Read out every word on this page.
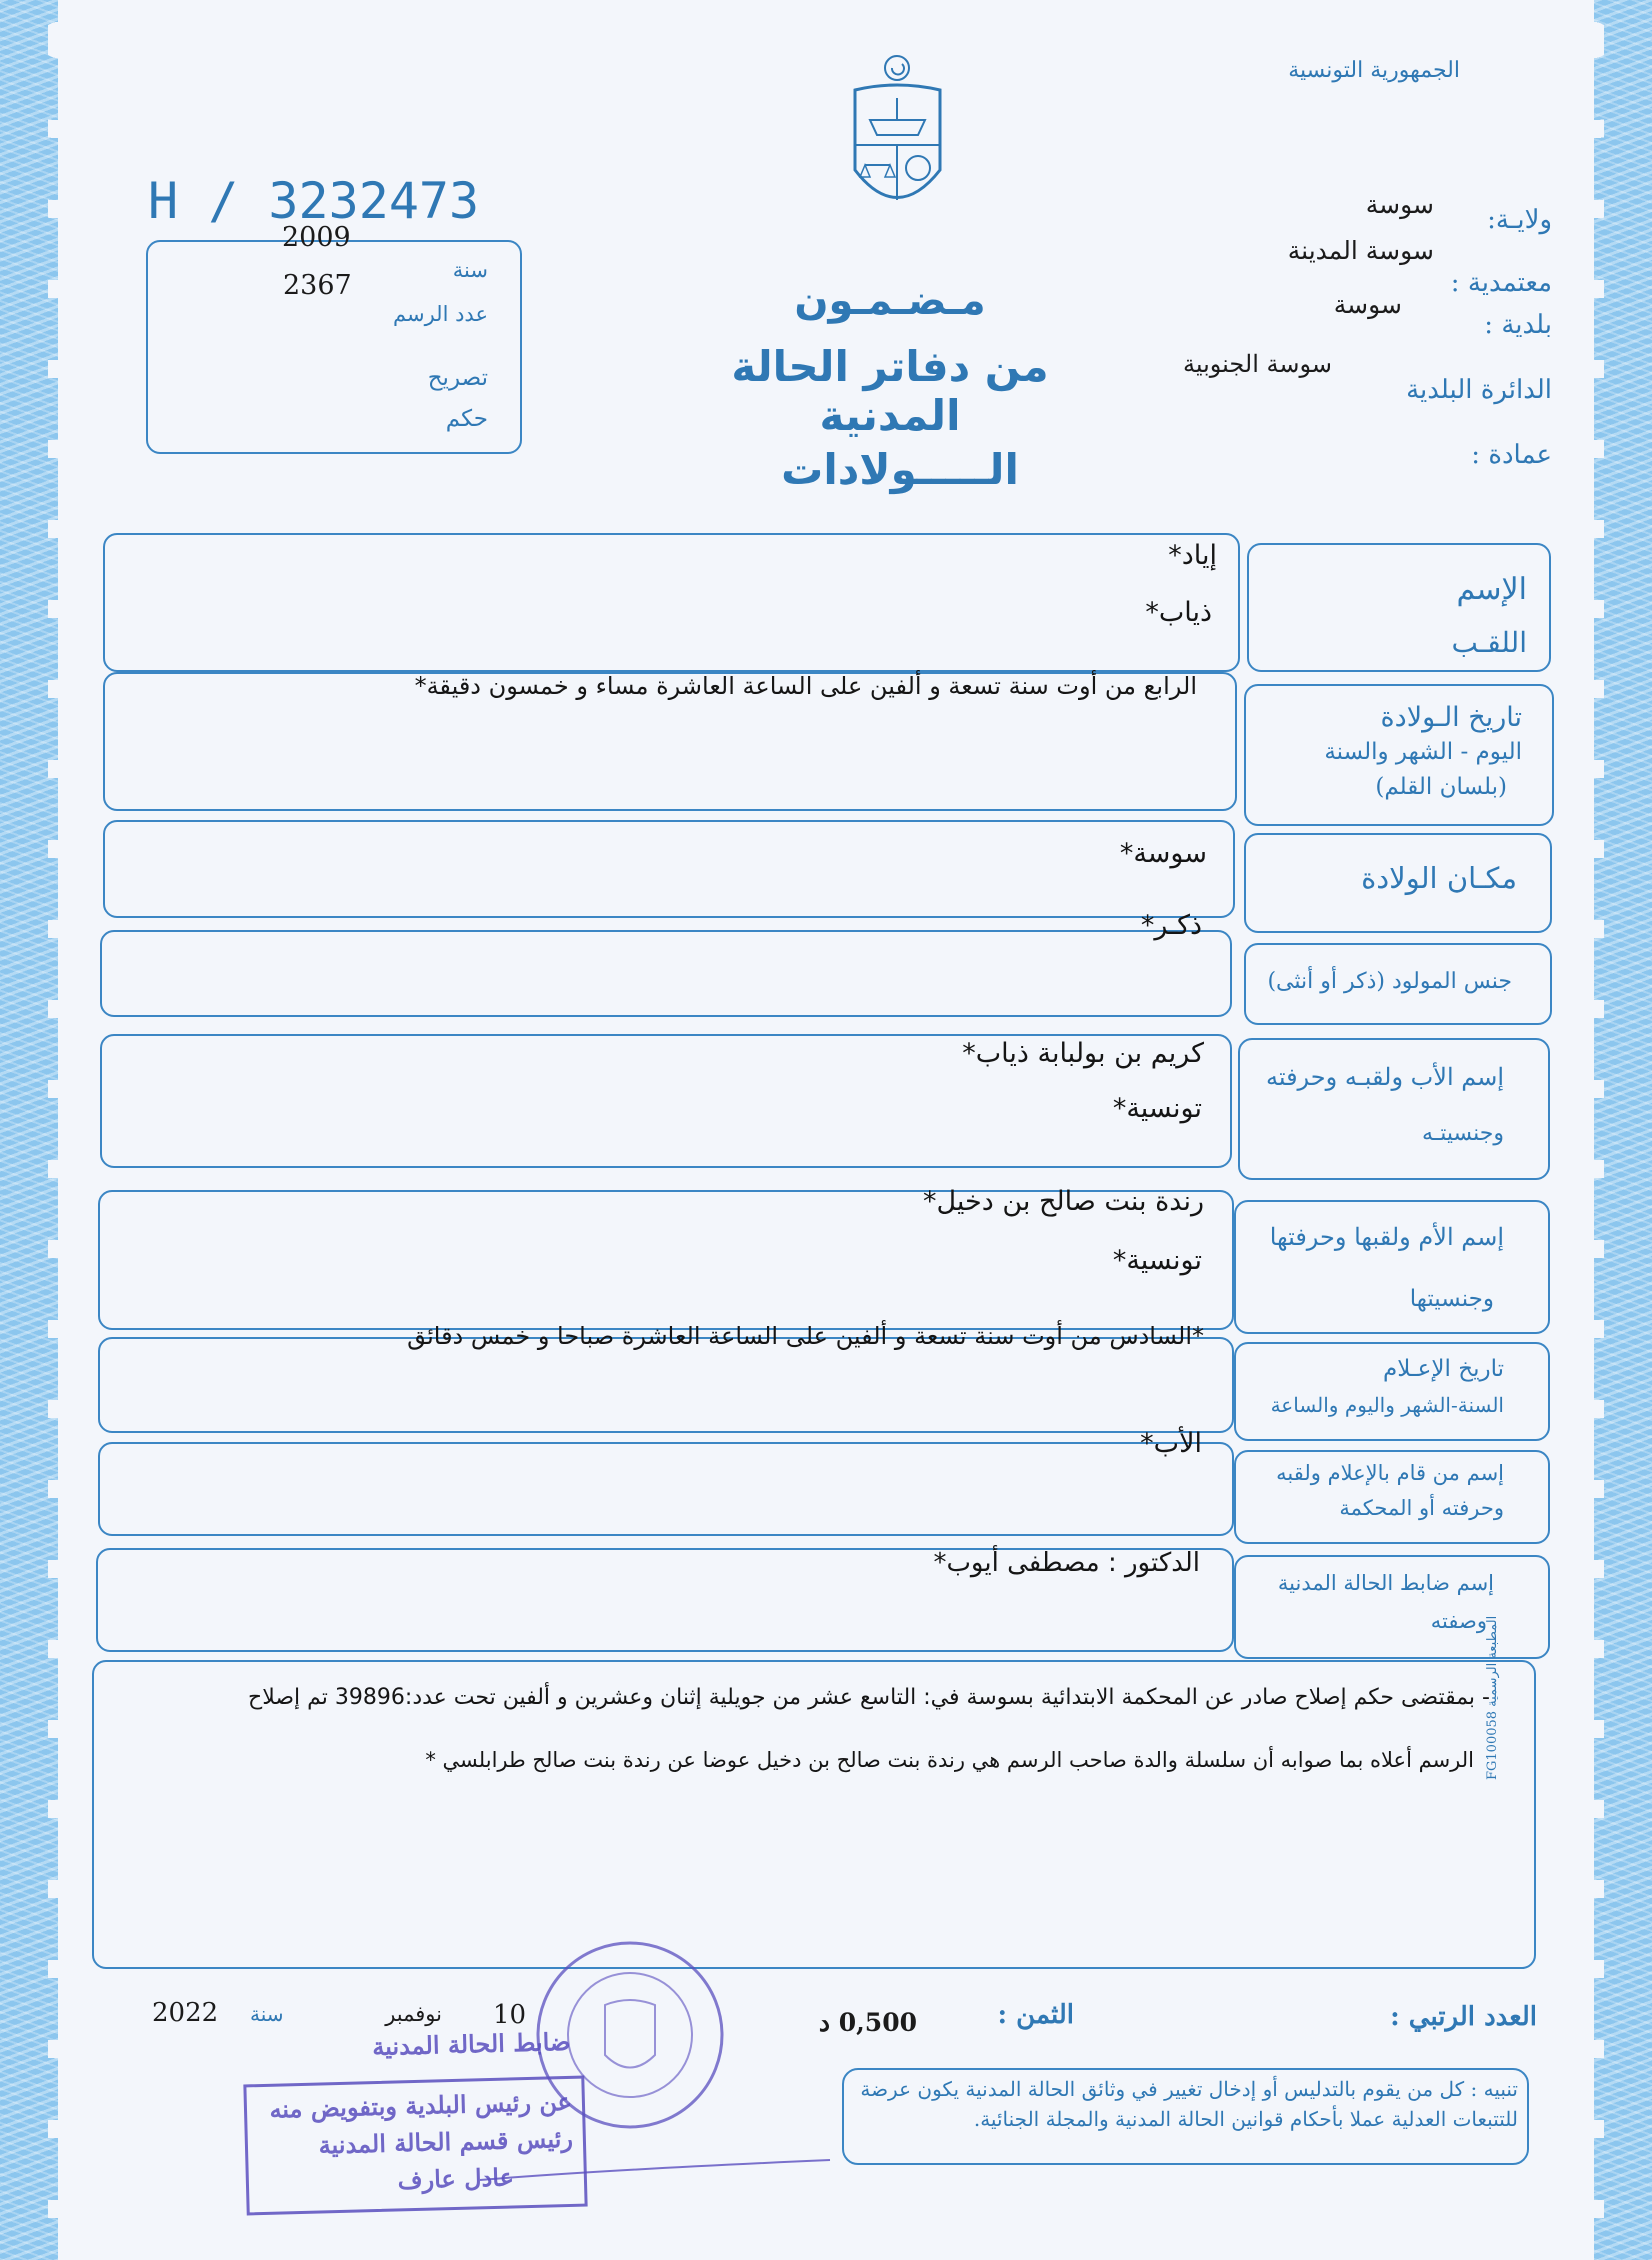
الجمهورية التونسية
سوسة
ولايـة:
سوسة المدينة
معتمدية :
سوسة
بلدية :
سوسة الجنوبية
الدائرة البلدية
عمادة :
H / 3232473
2009
سنة
2367
عدد الرسم
تصريح
حكم
مـضـمـون
من دفاتر الحالة المدنية
الـــــولادات
الإسم
اللقـب
إياد*
ذياب*
تاريخ الـولادة
اليوم - الشهر والسنة
(بلسان القلم)
الرابع من أوت سنة تسعة و ألفين على الساعة العاشرة مساء و خمسون دقيقة*
مكـان الولادة
سوسة*
جنس المولود (ذكر أو أنثى)
ذكـر*
إسم الأب ولقبـه وحرفته
وجنسيتـه
كريم بن بولبابة ذياب*
تونسية*
إسم الأم ولقبها وحرفتها
وجنسيتها
رندة بنت صالح بن دخيل*
تونسية*
تاريخ الإعـلام
السنة-الشهر واليوم والساعة
*السادس من أوت سنة تسعة و ألفين على الساعة العاشرة صباحا و خمس دقائق
إسم من قام بالإعلام ولقبه
وحرفته أو المحكمة
الأب*
إسم ضابط الحالة المدنية
وصفته
الدكتور : مصطفى أيوب*
- بمقتضى حكم إصلاح صادر عن المحكمة الابتدائية بسوسة في: التاسع عشر من جويلية إثنان وعشرين و ألفين تحت عدد:39896 تم إصلاح
الرسم أعلاه بما صوابه أن سلسلة والدة صاحب الرسم هي رندة بنت صالح بن دخيل عوضا عن رندة بنت صالح طرابلسي * المطبعة الرسمية FG100058
العدد الرتبي :
الثمن :
0,500 د
10
نوفمبر
2022 سنة
تنبيه : كل من يقوم بالتدليس أو إدخال تغيير في وثائق الحالة المدنية يكون عرضة للتتبعات العدلية عملا بأحكام قوانين الحالة المدنية والمجلة الجنائية.
ضابط الحالة المدنية
عن رئيس البلدية وبتفويض منه
رئيس قسم الحالة المدنية
عادل عارف
